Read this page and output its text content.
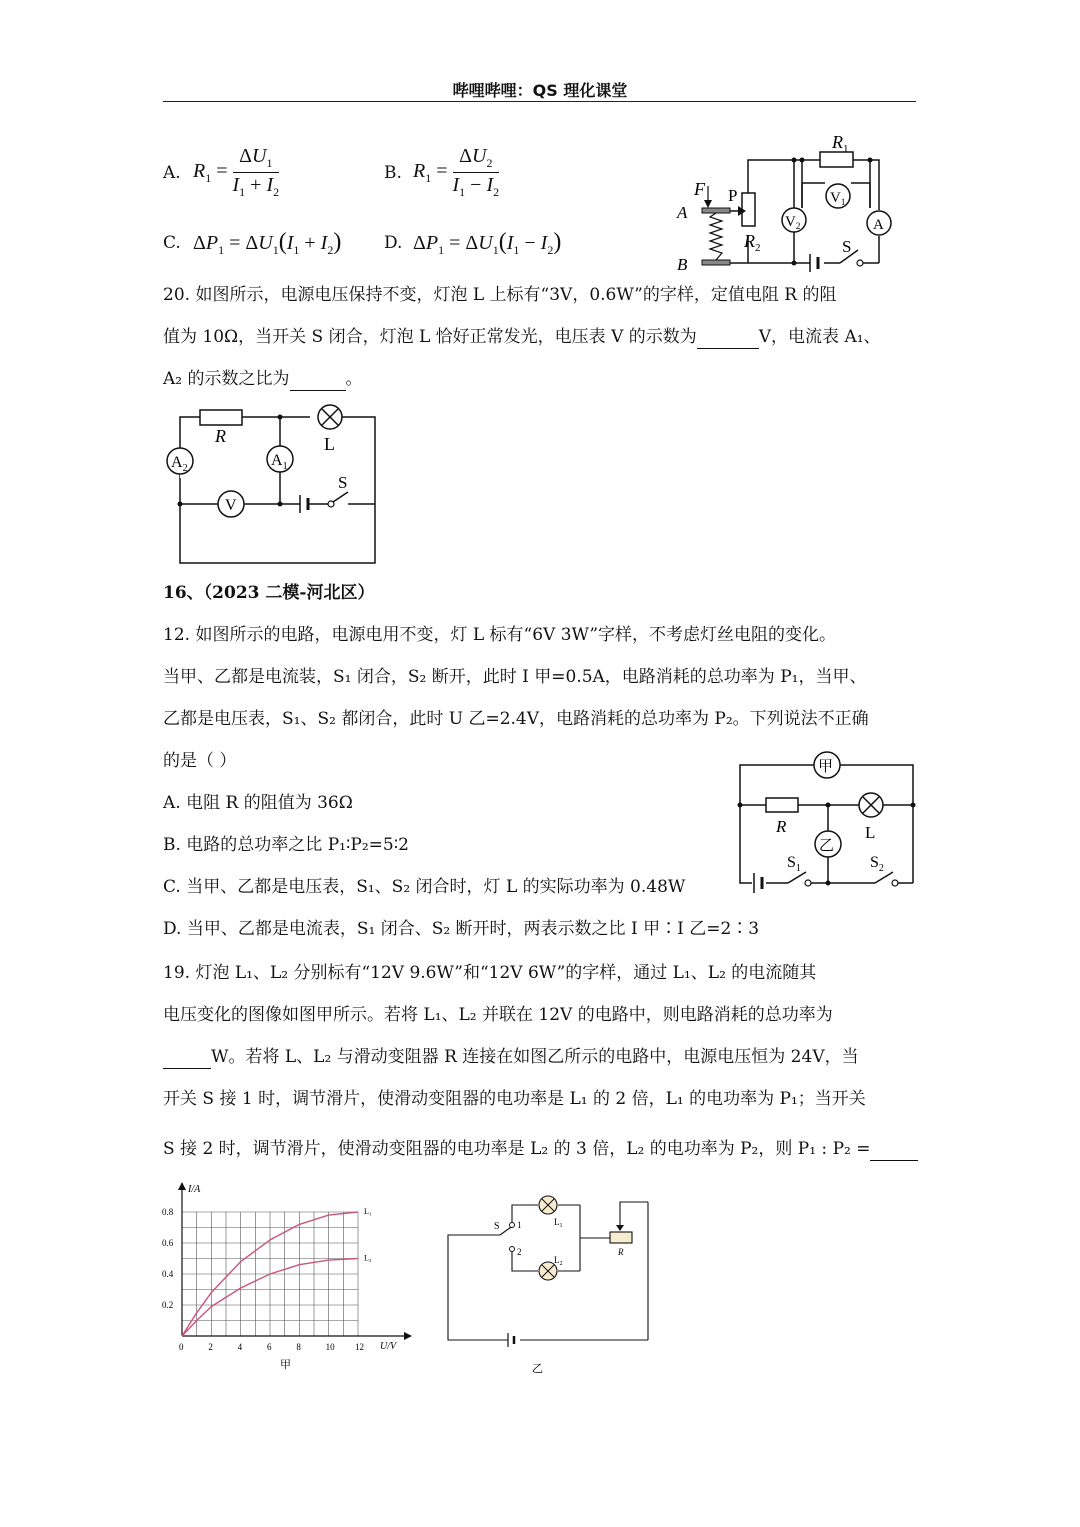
哔哩哔哩：QS 理化课堂
A. $R_1 = \frac{\Delta U_1}{I_1 + I_2}$	B. $R_1 = \frac{\Delta U_2}{I_1 - I_2}$
C. $\Delta P_1 = \Delta U_1(I_1 + I_2)$	D. $\Delta P_1 = \Delta U_1(I_1 - I_2)$
$R_1$
F P
A
B
$R_2$
$V_1$
$V_2$	A
S
20. 如图所示，电源电压保持不变，灯泡 L 上标有“3V，0.6W”的字样，定值电阻 R 的阻
值为 10Ω，当开关 S 闭合，灯泡 L 恰好正常发光，电压表 V 的示数为	V，电流表 A₁、
A₂ 的示数之比为	。
R	L
$A_2$	$A_1$
V
S
16、（2023 二模-河北区）
12. 如图所示的电路，电源电用不变，灯 L 标有“6V 3W”字样，不考虑灯丝电阻的变化。
当甲、乙都是电流装，S₁ 闭合，S₂ 断开，此时 I 甲=0.5A，电路消耗的总功率为 P₁，当甲、
乙都是电压表，S₁、S₂ 都闭合，此时 U 乙=2.4V，电路消耗的总功率为 P₂。下列说法不正确
的是（ ）
A. 电阻 R 的阻值为 36Ω
B. 电路的总功率之比 P₁∶P₂=5∶2
C. 当甲、乙都是电压表，S₁、S₂ 闭合时，灯 L 的实际功率为 0.48W
D. 当甲、乙都是电流表，S₁ 闭合、S₂ 断开时，两表示数之比 I 甲∶I 乙=2∶3
甲
乙
R	L
$S_1$	$S_2$
19. 灯泡 L₁、L₂ 分别标有“12V 9.6W”和“12V 6W”的字样，通过 L₁、L₂ 的电流随其
电压变化的图像如图甲所示。若将 L₁、L₂ 并联在 12V 的电路中，则电路消耗的总功率为
W。若将 L、L₂ 与滑动变阻器 R 连接在如图乙所示的电路中，电源电压恒为 24V，当
开关 S 接 1 时，调节滑片，使滑动变阻器的电功率是 L₁ 的 2 倍，L₁ 的电功率为 P₁；当开关
S 接 2 时，调节滑片，使滑动变阻器的电功率是 L₂ 的 3 倍，L₂ 的电功率为 P₂，则 P₁ : P₂ =
0	2	4	6	8	10 12
0.2
0.4
0.6
0.8	L₁
L₂
I/A
U/V
甲
S 1
2
$L_1$
$L_2$
R
乙
